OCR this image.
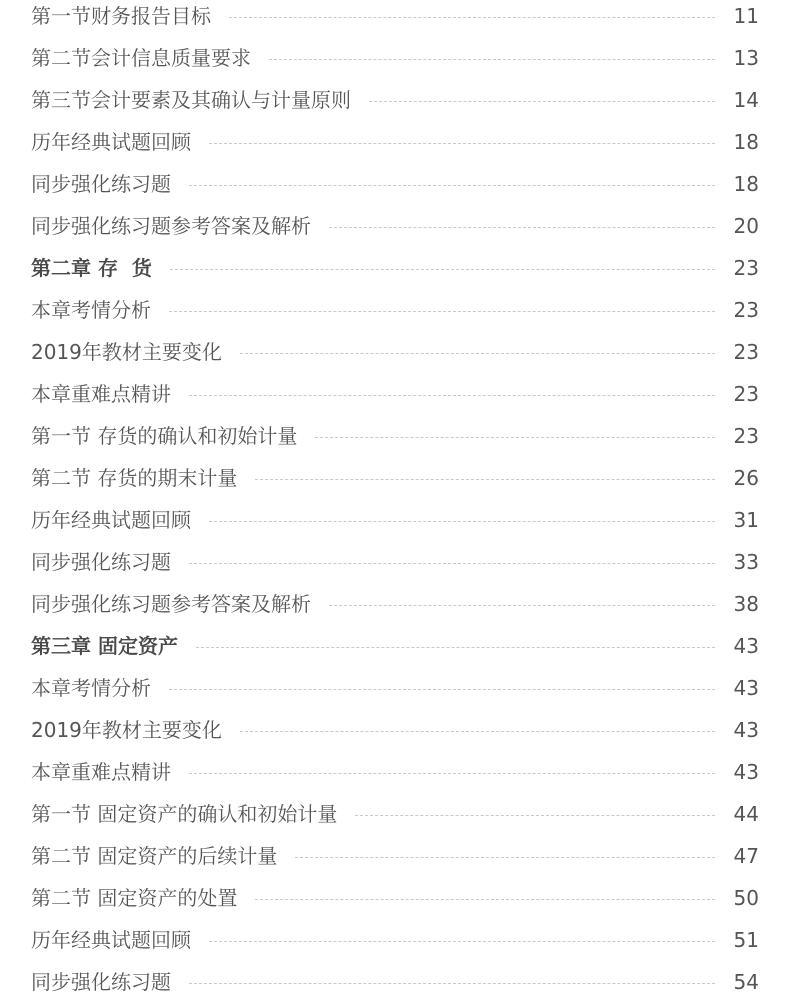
第一节财务报告目标	11
第二节会计信息质量要求	13
第三节会计要素及其确认与计量原则	14
历年经典试题回顾	18
同步强化练习题	18
同步强化练习题参考答案及解析	20
第二章 存  货	23
本章考情分析	23
2019年教材主要变化	23
本章重难点精讲	23
第一节 存货的确认和初始计量	23
第二节 存货的期末计量	26
历年经典试题回顾	31
同步强化练习题	33
同步强化练习题参考答案及解析	38
第三章 固定资产	43
本章考情分析	43
2019年教材主要变化	43
本章重难点精讲	43
第一节 固定资产的确认和初始计量	44
第二节 固定资产的后续计量	47
第二节 固定资产的处置	50
历年经典试题回顾	51
同步强化练习题	54
